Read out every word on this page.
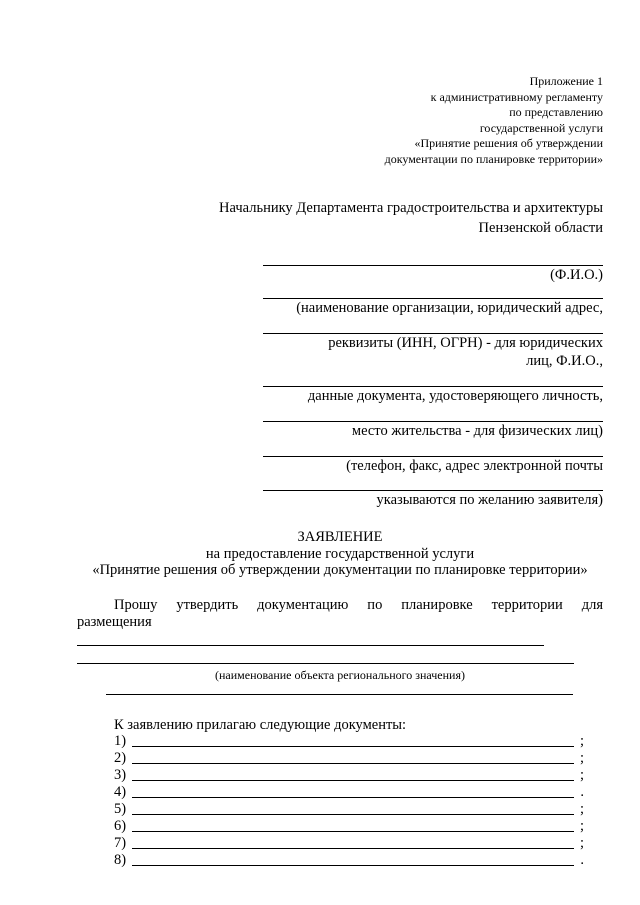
Приложение 1
к административному регламенту
по представлению
государственной услуги
«Принятие решения об утверждении
документации по планировке территории»
Начальнику Департамента градостроительства и архитектуры
Пензенской области
(Ф.И.О.)
(наименование организации, юридический адрес,
реквизиты (ИНН, ОГРН) - для юридических лиц, Ф.И.О.,
данные документа, удостоверяющего личность,
место жительства - для физических лиц)
(телефон, факс, адрес электронной почты
указываются по желанию заявителя)
ЗАЯВЛЕНИЕ
на предоставление государственной услуги
«Принятие решения об утверждении документации по планировке территории»
Прошу утвердить документацию по планировке территории для
размещения
(наименование объекта регионального значения)
К заявлению прилагаю следующие документы:
1)	;
2)	;
3)	;
4)	.
5)	;
6)	;
7)	;
8)	.
